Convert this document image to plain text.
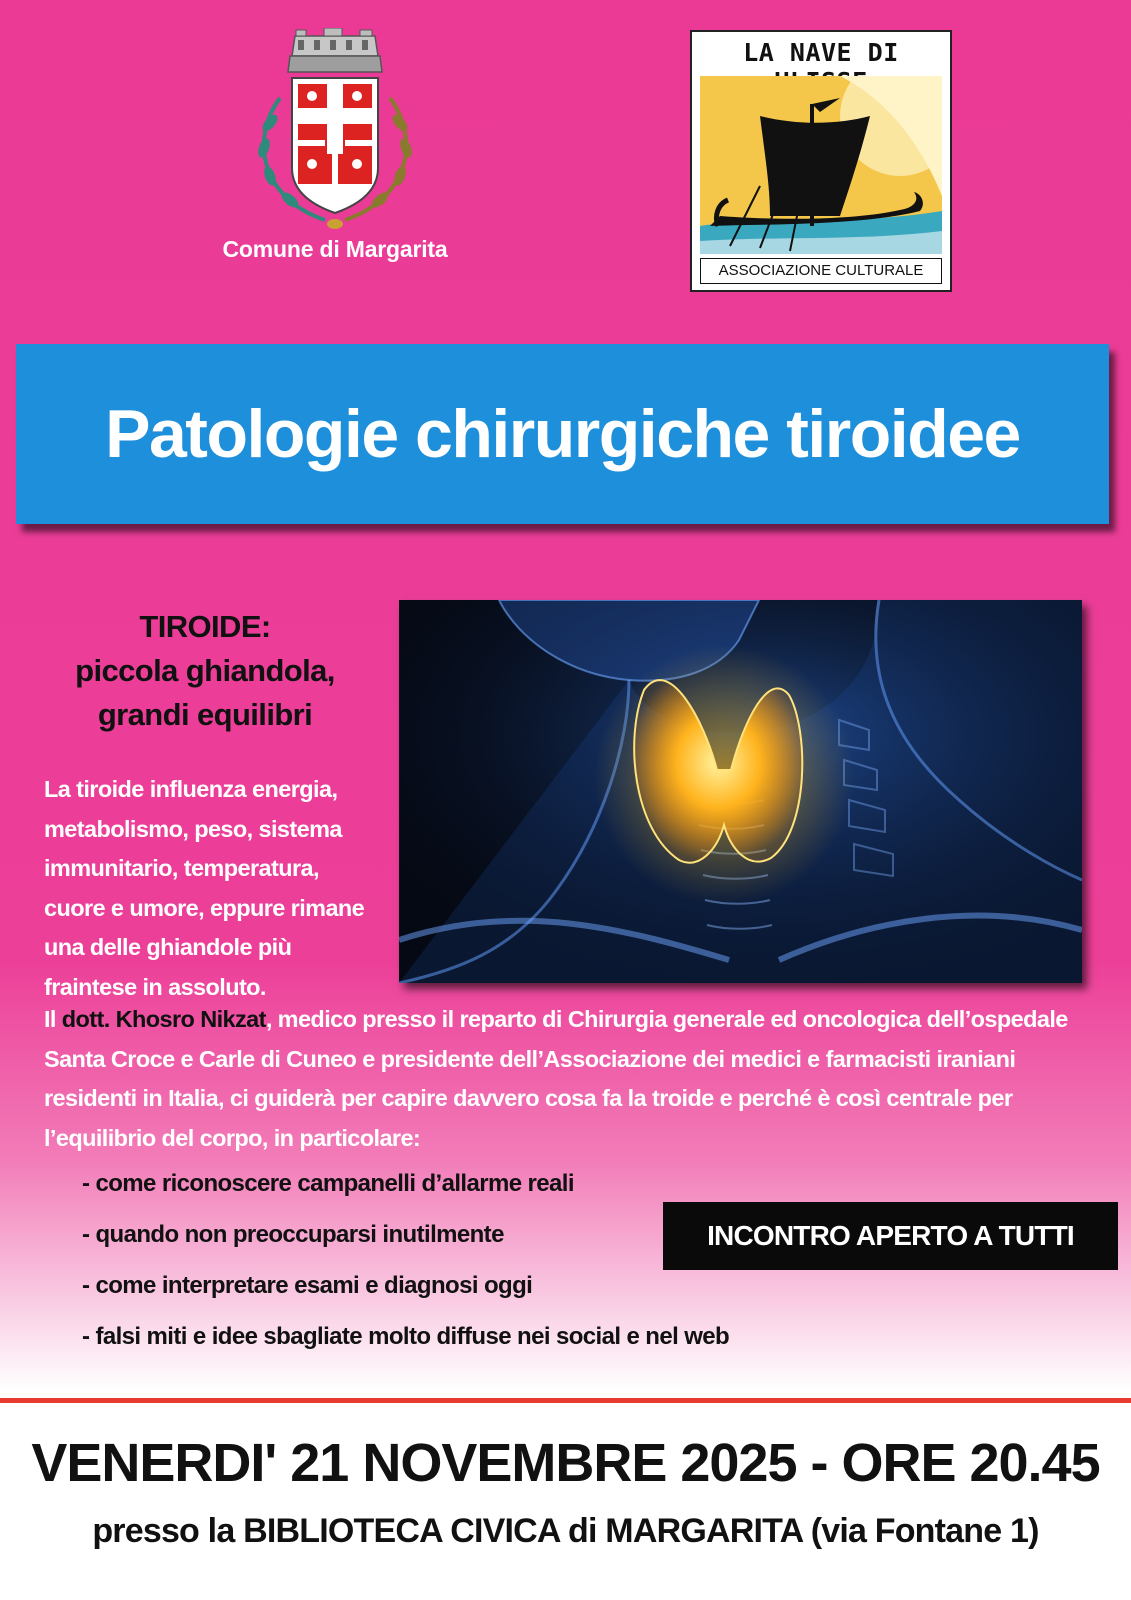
Comune di Margarita
LA NAVE DI
ASSOCIAZIONE CULTURALE
Patologie chirurgiche tiroidee
TIROIDE:
piccola ghiandola,
grandi equilibri
La tiroide influenza energia, metabolismo, peso, sistema immunitario, temperatura, cuore e umore, eppure rimane una delle ghiandole più fraintese in assoluto.
Il dott. Khosro Nikzat, medico presso il reparto di Chirurgia generale ed oncologica dell’ospedale Santa Croce e Carle di Cuneo e presidente dell’Associazione dei medici e farmacisti iraniani residenti in Italia, ci guiderà per capire davvero cosa fa la troide e perché è così centrale per l’equilibrio del corpo, in particolare:
- come riconoscere campanelli d’allarme reali
- quando non preoccuparsi inutilmente
- come interpretare esami e diagnosi oggi
- falsi miti e idee sbagliate molto diffuse nei social e nel web
INCONTRO APERTO A TUTTI
VENERDI' 21 NOVEMBRE 2025 - ORE 20.45
presso la BIBLIOTECA CIVICA di MARGARITA (via Fontane 1)
